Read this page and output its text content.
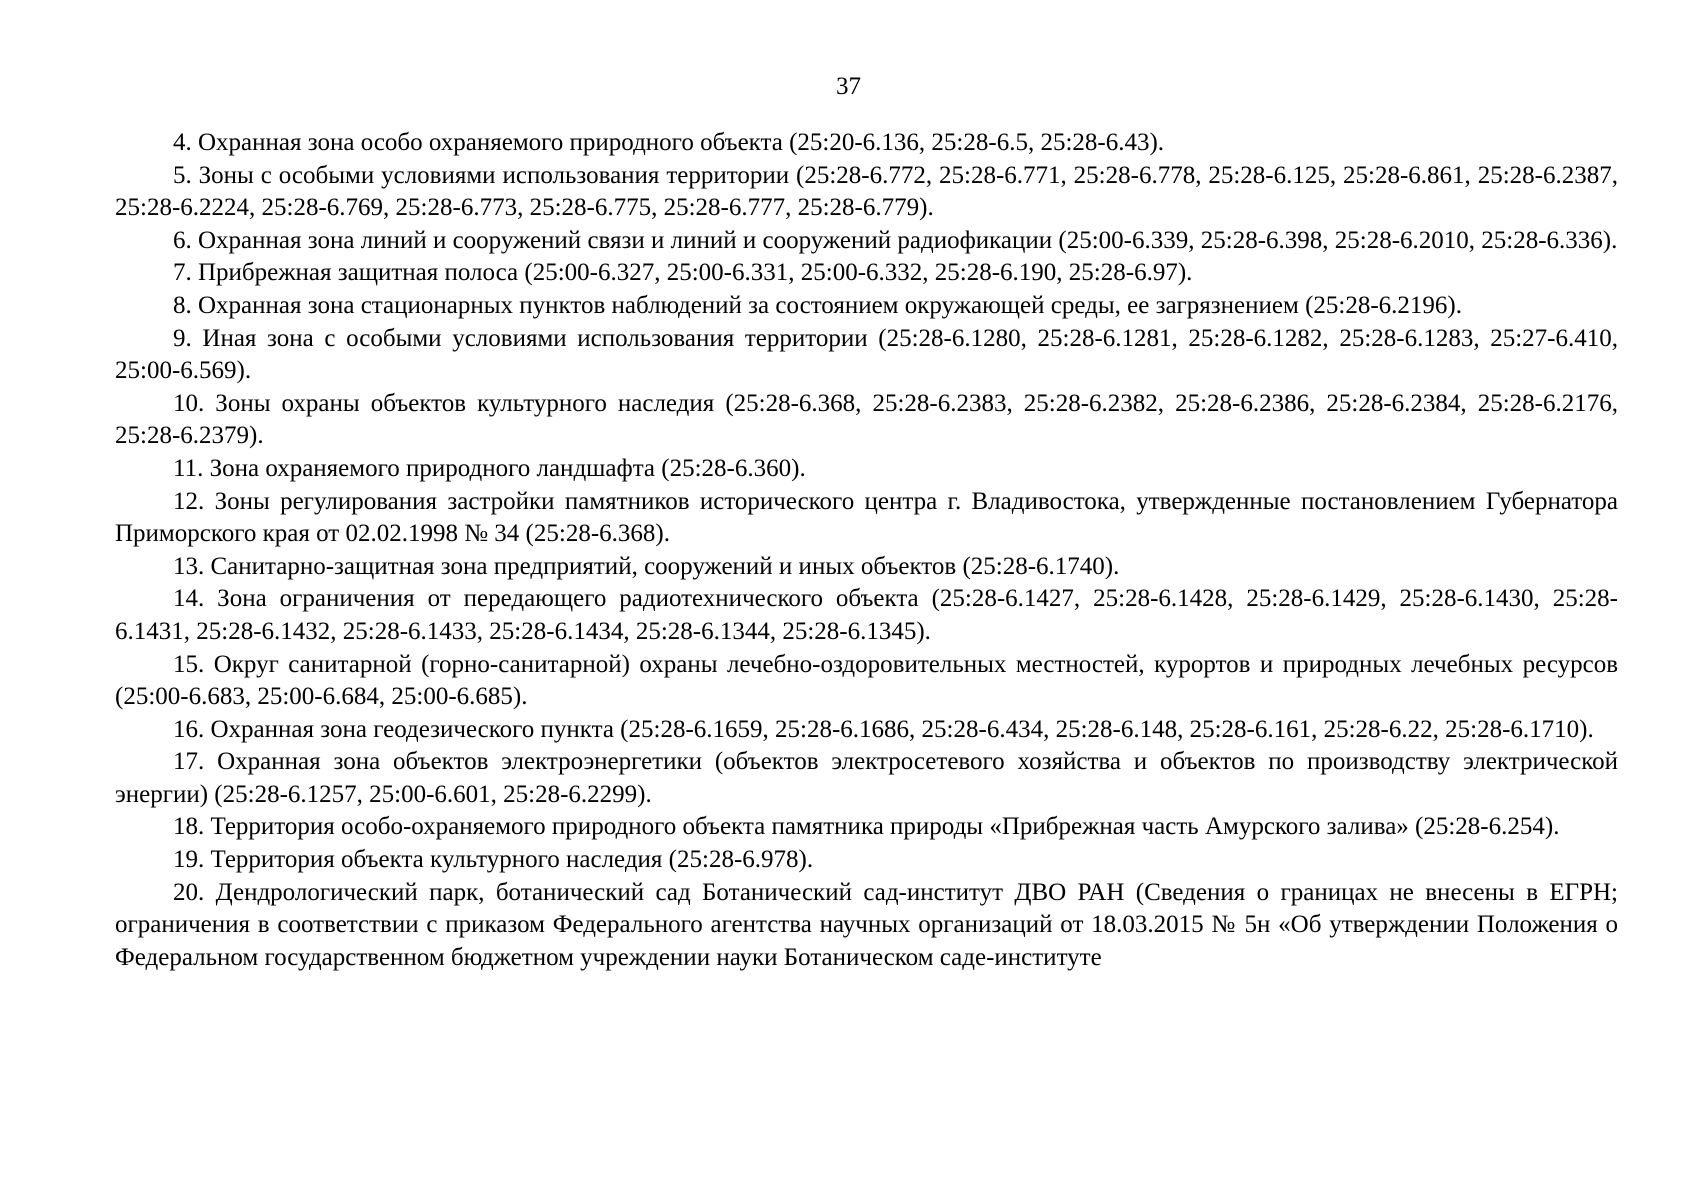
37

4. Охранная зона особо охраняемого природного объекта (25:20-6.136, 25:28-6.5, 25:28-6.43).

5. Зоны с особыми условиями использования территории (25:28-6.772, 25:28-6.771, 25:28-6.778, 25:28-6.125, 25:28-6.861, 25:28-6.2387, 25:28-6.2224, 25:28-6.769, 25:28-6.773, 25:28-6.775, 25:28-6.777, 25:28-6.779).

6. Охранная зона линий и сооружений связи и линий и сооружений радиофикации (25:00-6.339, 25:28-6.398, 25:28-6.2010, 25:28-6.336).

7. Прибрежная защитная полоса (25:00-6.327, 25:00-6.331, 25:00-6.332, 25:28-6.190, 25:28-6.97).

8. Охранная зона стационарных пунктов наблюдений за состоянием окружающей среды, ее загрязнением (25:28-6.2196).

9. Иная зона с особыми условиями использования территории (25:28-6.1280, 25:28-6.1281, 25:28-6.1282, 25:28-6.1283, 25:27-6.410, 25:00-6.569).

10. Зоны охраны объектов культурного наследия (25:28-6.368, 25:28-6.2383, 25:28-6.2382, 25:28-6.2386, 25:28-6.2384, 25:28-6.2176, 25:28-6.2379).

11. Зона охраняемого природного ландшафта (25:28-6.360).

12. Зоны регулирования застройки памятников исторического центра г. Владивостока, утвержденные постановлением Губернатора Приморского края от 02.02.1998 № 34 (25:28-6.368).

13. Санитарно-защитная зона предприятий, сооружений и иных объектов (25:28-6.1740).

14. Зона ограничения от передающего радиотехнического объекта (25:28-6.1427, 25:28-6.1428, 25:28-6.1429, 25:28-6.1430, 25:28-6.1431, 25:28-6.1432, 25:28-6.1433, 25:28-6.1434, 25:28-6.1344, 25:28-6.1345).

15. Округ санитарной (горно-санитарной) охраны лечебно-оздоровительных местностей, курортов и природных лечебных ресурсов (25:00-6.683, 25:00-6.684, 25:00-6.685).

16. Охранная зона геодезического пункта (25:28-6.1659, 25:28-6.1686, 25:28-6.434, 25:28-6.148, 25:28-6.161, 25:28-6.22, 25:28-6.1710).

17. Охранная зона объектов электроэнергетики (объектов электросетевого хозяйства и объектов по производству электрической энергии) (25:28-6.1257, 25:00-6.601, 25:28-6.2299).

18. Территория особо-охраняемого природного объекта памятника природы «Прибрежная часть Амурского залива» (25:28-6.254).

19. Территория объекта культурного наследия (25:28-6.978).

20. Дендрологический парк, ботанический сад Ботанический сад-институт ДВО РАН (Сведения о границах не внесены в ЕГРН; ограничения в соответствии с приказом Федерального агентства научных организаций от 18.03.2015 № 5н «Об утверждении Положения о Федеральном государственном бюджетном учреждении науки Ботаническом саде-институте
